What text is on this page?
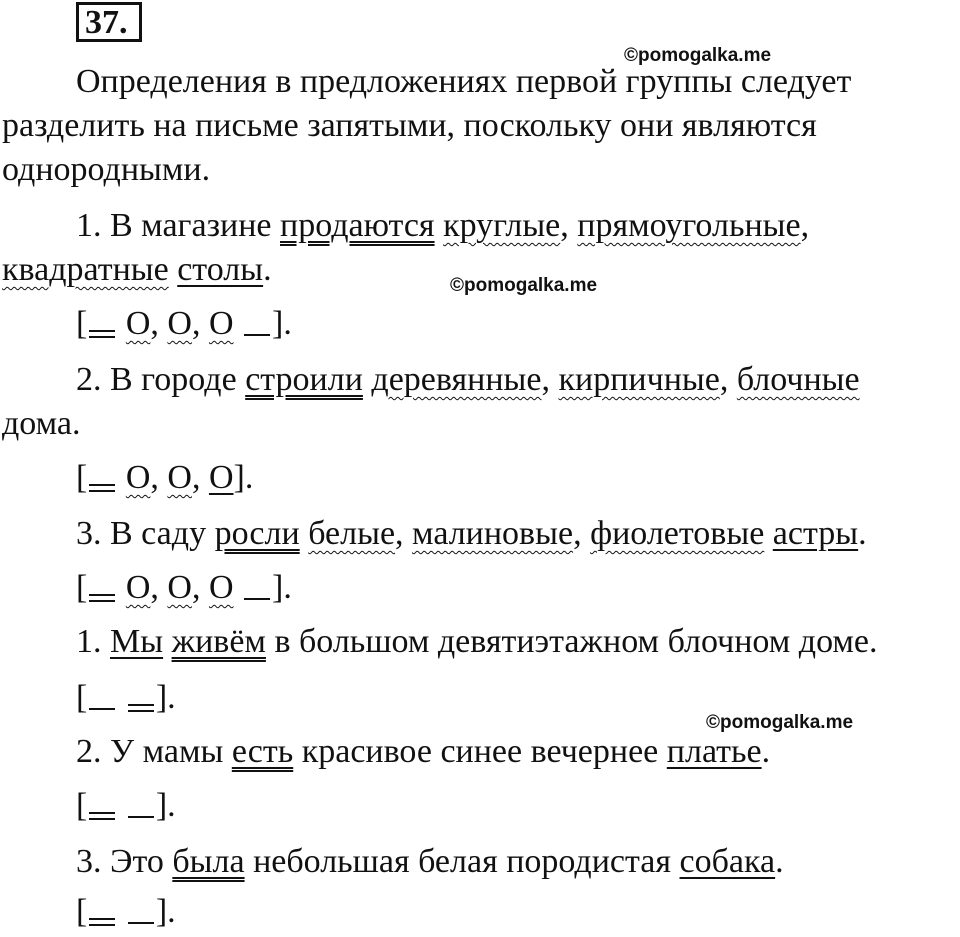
37.
©pomogalka.me
©pomogalka.me
©pomogalka.me
Определения в предложениях первой группы следует
разделить на письме запятыми, поскольку они являются
однородными.
1. В магазине продаются круглые, прямоугольные,
квадратные столы.
[ О, О, О ].
2. В городе строили деревянные, кирпичные, блочные
дома.
[ О, О, О].
3. В саду росли белые, малиновые, фиолетовые астры.
[ О, О, О ].
1. Мы живём в большом девятиэтажном блочном доме.
[ ].
2. У мамы есть красивое синее вечернее платье.
[ ].
3. Это была небольшая белая породистая собака.
[ ].
